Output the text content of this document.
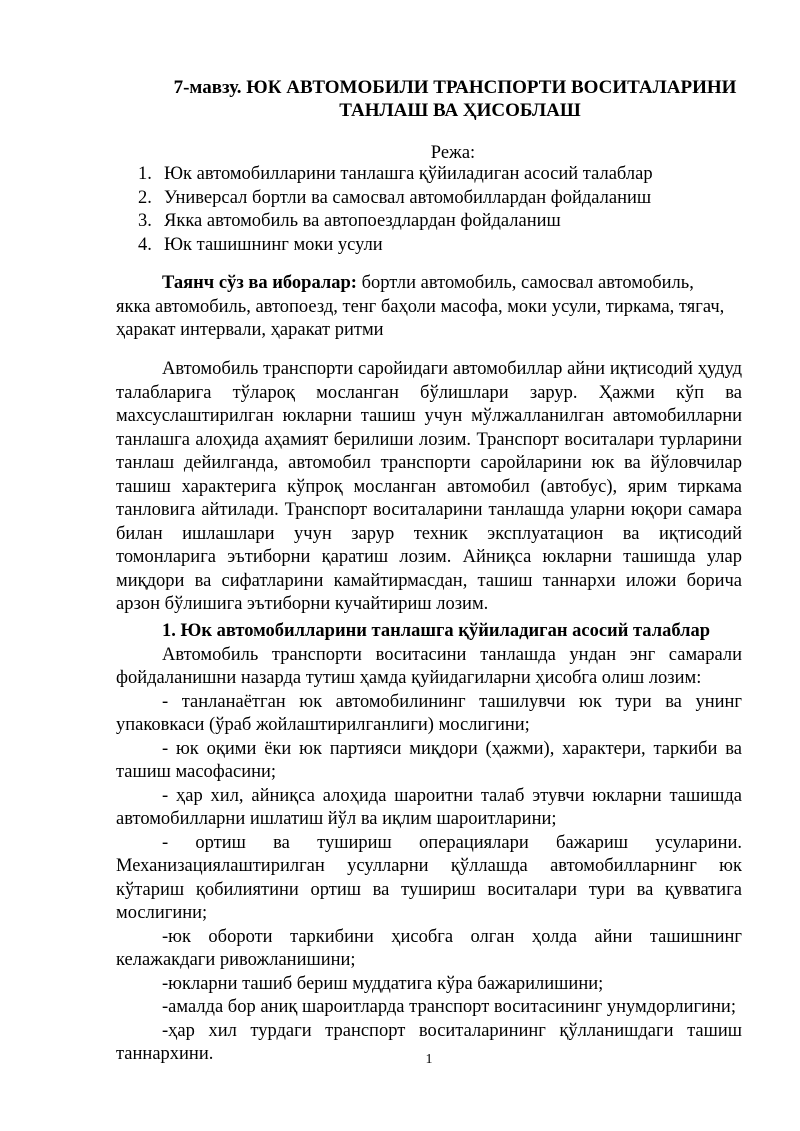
7-мавзу. ЮК АВТОМОБИЛИ ТРАНСПОРТИ ВОСИТАЛАРИНИ
ТАНЛАШ ВА ҲИСОБЛАШ
Режа:
1. Юк автомобилларини танлашга қўйиладиган асосий талаблар
2. Универсал бортли ва самосвал автомобиллардан фойдаланиш
3. Якка автомобиль ва автопоездлардан фойдаланиш
4. Юк ташишнинг моки усули
Таянч сўз ва иборалар: бортли автомобиль, самосвал автомобиль,
якка автомобиль, автопоезд, тенг баҳоли масофа, моки усули, тиркама, тягач,
ҳаракат интервали, ҳаракат ритми

Автомобиль транспорти саройидаги автомобиллар айни иқтисодий ҳудуд талабларига тўлароқ мосланган бўлишлари зарур. Ҳажми кўп ва махсуслаштирилган юкларни ташиш учун мўлжалланилган автомобилларни танлашга алоҳида аҳамият берилиши лозим. Транспорт воситалари турларини танлаш дейилганда, автомобил транспорти саройларини юк ва йўловчилар ташиш характерига кўпроқ мосланган автомобил (автобус), ярим тиркама танловига айтилади. Транспорт воситаларини танлашда уларни юқори самара билан ишлашлари учун зарур техник эксплуатацион ва иқтисодий томонларига эътиборни қаратиш лозим. Айниқса юкларни ташишда улар миқдори ва сифатларини камайтирмасдан, ташиш таннархи иложи борича арзон бўлишига эътиборни кучайтириш лозим.

1. Юк автомобилларини танлашга қўйиладиган асосий талаблар

Автомобиль транспорти воситасини танлашда ундан энг самарали фойдаланишни назарда тутиш ҳамда қуйидагиларни ҳисобга олиш лозим:

- танланаётган юк автомобилининг ташилувчи юк тури ва унинг упаковкаси (ўраб жойлаштирилганлиги) мослигини;

- юк оқими ёки юк партияси миқдори (ҳажми), характери, таркиби ва ташиш масофасини;

- ҳар хил, айниқса алоҳида шароитни талаб этувчи юкларни ташишда автомобилларни ишлатиш йўл ва иқлим шароитларини;

- ортиш ва тушириш операциялари бажариш усуларини. Механизациялаштирилган усулларни қўллашда автомобилларнинг юк кўтариш қобилиятини ортиш ва тушириш воситалари тури ва қувватига мослигини;

-юк обороти таркибини ҳисобга олган ҳолда айни ташишнинг келажакдаги ривожланишини;

-юкларни ташиб бериш муддатига кўра бажарилишини;

-амалда бор аниқ шароитларда транспорт воситасининг унумдорлигини;

-ҳар хил турдаги транспорт воситаларининг қўлланишдаги ташиш таннархини.	1
